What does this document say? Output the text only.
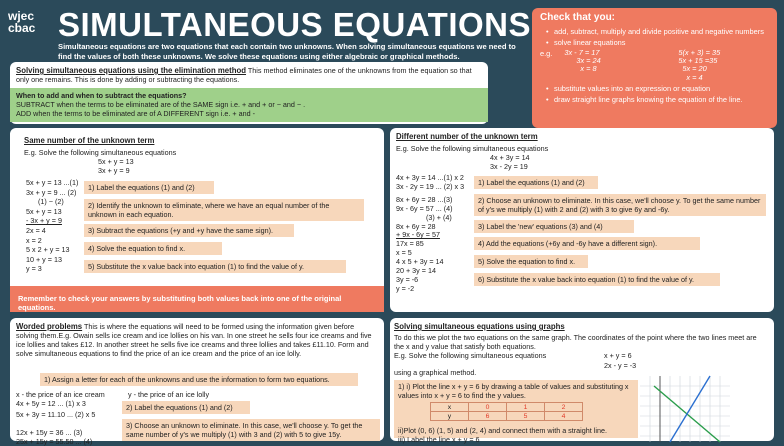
wjec
cbac SIMULTANEOUS EQUATIONS
Simultaneous equations are two equations that each contain two unknowns. When solving simultaneous equations we need to find the values of both these unknowns. We solve these equations using either algebraic or graphical methods.
Check that you:
• add, subtract, multiply and divide positive and negative numbers
• solve linear equations
e.g. 3x - 7 = 17
3x = 24
x = 8
5(x + 3) = 35
5x + 15 =35
5x = 20
x = 4
• substitute values into an expression or equation
• draw straight line graphs knowing the equation of the line.
Solving simultaneous equations using the elimination method This method eliminates one of the unknowns from the equation so that only one remains. This is done by adding or subtracting the equations.
When to add and when to subtract the equations?
SUBTRACT when the terms to be eliminated are of the SAME sign i.e. + and + or − and − .
ADD when the terms to be eliminated are of A DIFFERENT sign i.e. + and -
Same number of the unknown term
E.g. Solve the following simultaneous equations
5x + y = 13
3x + y = 9
5x + y = 13 ...(1)
3x + y = 9 ... (2)
(1) − (2)
5x + y = 13
- 3x + y = 9
2x = 4
x = 2
5 x 2 + y = 13
10 + y = 13
y = 3
1) Label the equations (1) and (2)
2) Identify the unknown to eliminate, where we have an equal number of the unknown in each equation.
3) Subtract the equations (+y and +y have the same sign).
4) Solve the equation to find x.
5) Substitute the x value back into equation (1) to find the value of y.
Remember to check your answers by substituting both values back into one of the original equations.
Different number of the unknown term
E.g. Solve the following simultaneous equations
4x + 3y = 14
3x - 2y = 19
4x + 3y = 14 ...(1) x 2
3x - 2y = 19 ... (2) x 3
8x + 6y = 28 ...(3)
9x - 6y = 57 ... (4)
(3) + (4)
8x + 6y = 28
+ 9x - 6y = 57
17x = 85
x = 5
4 x 5 + 3y = 14
20 + 3y = 14
3y = -6
y = -2
1) Label the equations (1) and (2)
2) Choose an unknown to eliminate. In this case, we'll choose y. To get the same number of y's we multiply (1) with 2 and (2) with 3 to give 6y and -6y.
3) Label the 'new' equations (3) and (4)
4) Add the equations (+6y and -6y have a different sign).
5) Solve the equation to find x.
6) Substitute the x value back into equation (1) to find the value of y.
Worded problems This is where the equations will need to be formed using the information given before solving them.E.g. Owain sells ice cream and ice lollies on his van. In one street he sells four ice creams and five ice lollies and takes £12. In another street he sells five ice creams and three lollies and takes £11.10. Form and solve simultaneous equations to find the price of an ice cream and the price of an ice lolly.
1) Assign a letter for each of the unknowns and use the information to form two equations.
x - the price of an ice cream	y - the price of an ice lolly
4x + 5y = 12 ... (1) x 3
5x + 3y = 11.10 ... (2) x 5
2) Label the equations (1) and (2)
12x + 15y = 36 ... (3)
25x + 15y = 55.50 ... (4)
3) Choose an unknown to eliminate. In this case, we'll choose y. To get the same number of y's we multiply (1) with 3 and (2) with 5 to give 15y.
Solving simultaneous equations using graphs
To do this we plot the two equations on the same graph. The coordinates of the point where the two lines meet are the x and y value that satisfy both equations.
E.g. Solve the following simultaneous equations	x + y = 6
2x - y = -3
using a graphical method.
1) i) Plot the line x + y = 6 by drawing a table of values and substituting x values into x + y = 6 to find the y values.
x	0	1	2
y	6	5	4
ii)Plot (0, 6) (1, 5) and (2, 4) and connect them with a straight line.
iii) Label the line x + y = 6
